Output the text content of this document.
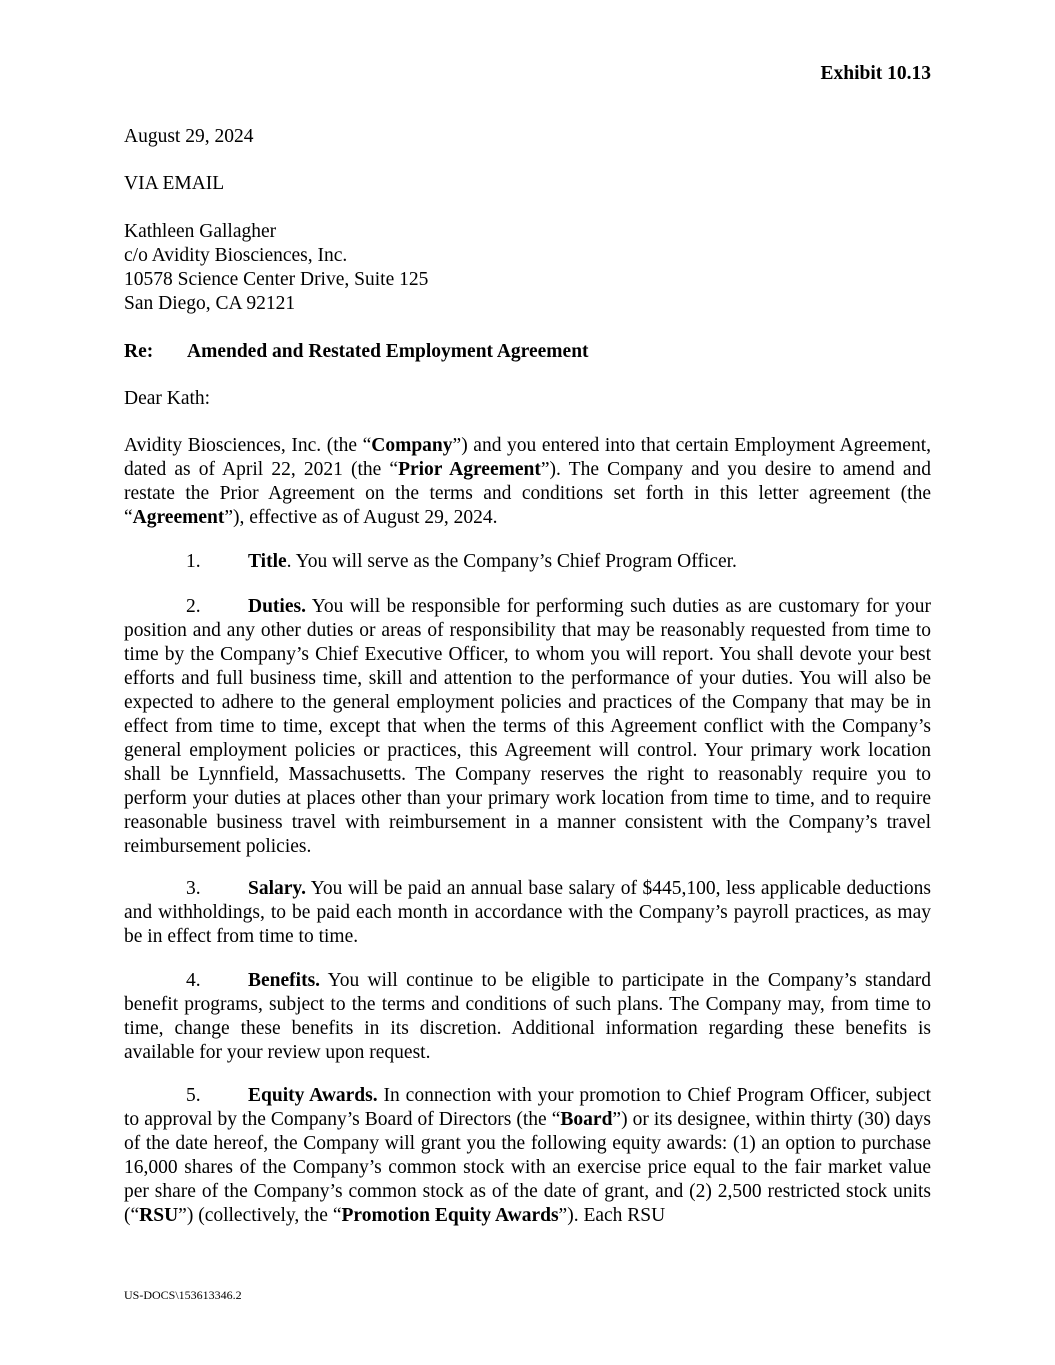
Exhibit 10.13

August 29, 2024

VIA EMAIL

Kathleen Gallagher

c/o Avidity Biosciences, Inc.

10578 Science Center Drive, Suite 125

San Diego, CA 92121

Re: Amended and Restated Employment Agreement

Dear Kath:

Avidity Biosciences, Inc. (the “Company”) and you entered into that certain Employment Agreement, dated as of April 22, 2021 (the “Prior Agreement”). The Company and you desire to amend and restate the Prior Agreement on the terms and conditions set forth in this letter agreement (the “Agreement”), effective as of August 29, 2024.

1. Title. You will serve as the Company’s Chief Program Officer.

2. Duties. You will be responsible for performing such duties as are customary for your position and any other duties or areas of responsibility that may be reasonably requested from time to time by the Company’s Chief Executive Officer, to whom you will report. You shall devote your best efforts and full business time, skill and attention to the performance of your duties. You will also be expected to adhere to the general employment policies and practices of the Company that may be in effect from time to time, except that when the terms of this Agreement conflict with the Company’s general employment policies or practices, this Agreement will control. Your primary work location shall be Lynnfield, Massachusetts. The Company reserves the right to reasonably require you to perform your duties at places other than your primary work location from time to time, and to require reasonable business travel with reimbursement in a manner consistent with the Company’s travel reimbursement policies.

3. Salary. You will be paid an annual base salary of $445,100, less applicable deductions and withholdings, to be paid each month in accordance with the Company’s payroll practices, as may be in effect from time to time.

4. Benefits. You will continue to be eligible to participate in the Company’s standard benefit programs, subject to the terms and conditions of such plans. The Company may, from time to time, change these benefits in its discretion. Additional information regarding these benefits is available for your review upon request.

5. Equity Awards. In connection with your promotion to Chief Program Officer, subject to approval by the Company’s Board of Directors (the “Board”) or its designee, within thirty (30) days of the date hereof, the Company will grant you the following equity awards: (1) an option to purchase 16,000 shares of the Company’s common stock with an exercise price equal to the fair market value per share of the Company’s common stock as of the date of grant, and (2) 2,500 restricted stock units (“RSU”) (collectively, the “Promotion Equity Awards”). Each RSU

US-DOCS\153613346.2
